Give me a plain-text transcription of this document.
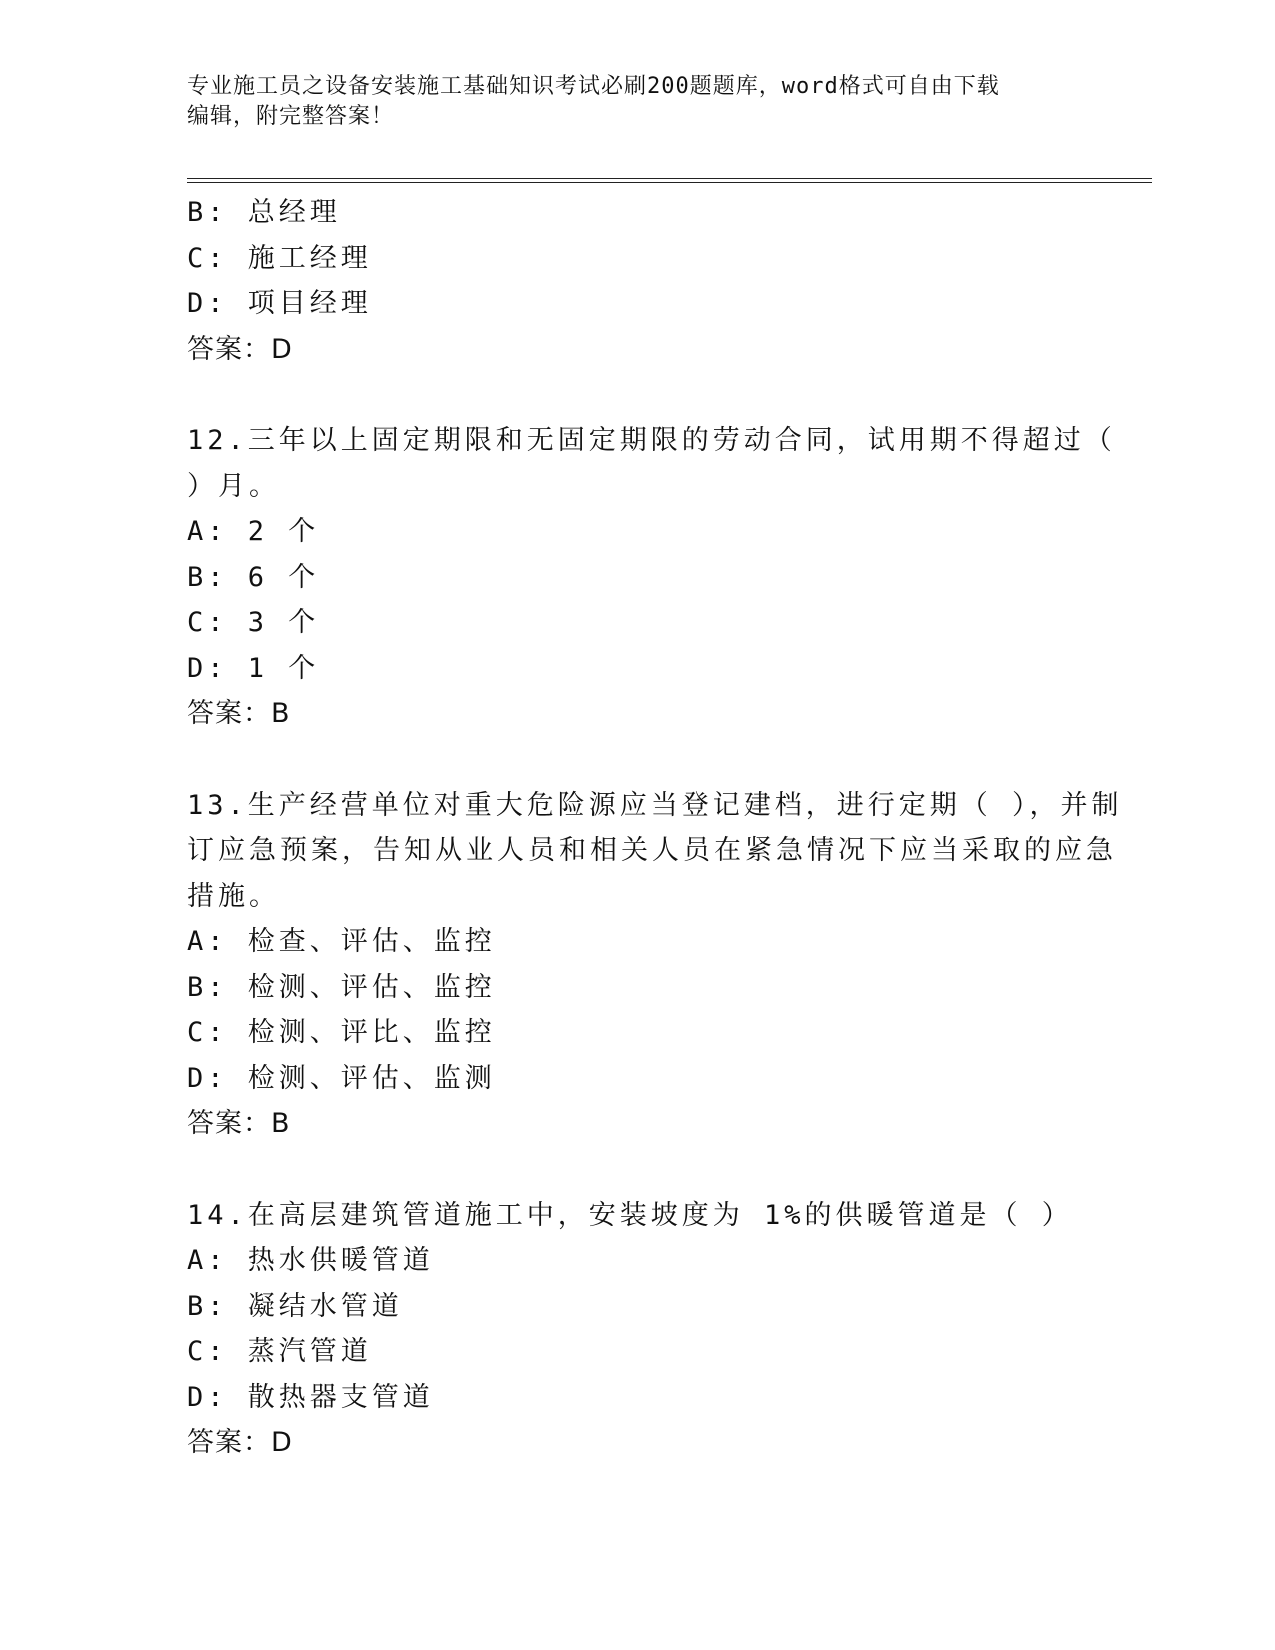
专业施工员之设备安装施工基础知识考试必刷200题题库，word格式可自由下载
编辑，附完整答案！
B: 总经理
C: 施工经理
D: 项目经理
答案：D
12.三年以上固定期限和无固定期限的劳动合同，试用期不得超过（
）月。
A: 2 个
B: 6 个
C: 3 个
D: 1 个
答案：B
13.生产经营单位对重大危险源应当登记建档，进行定期（ ），并制
订应急预案，告知从业人员和相关人员在紧急情况下应当采取的应急
措施。
A: 检查、评估、监控
B: 检测、评估、监控
C: 检测、评比、监控
D: 检测、评估、监测
答案：B
14.在高层建筑管道施工中，安装坡度为 1%的供暖管道是（ ）
A: 热水供暖管道
B: 凝结水管道
C: 蒸汽管道
D: 散热器支管道
答案：D
